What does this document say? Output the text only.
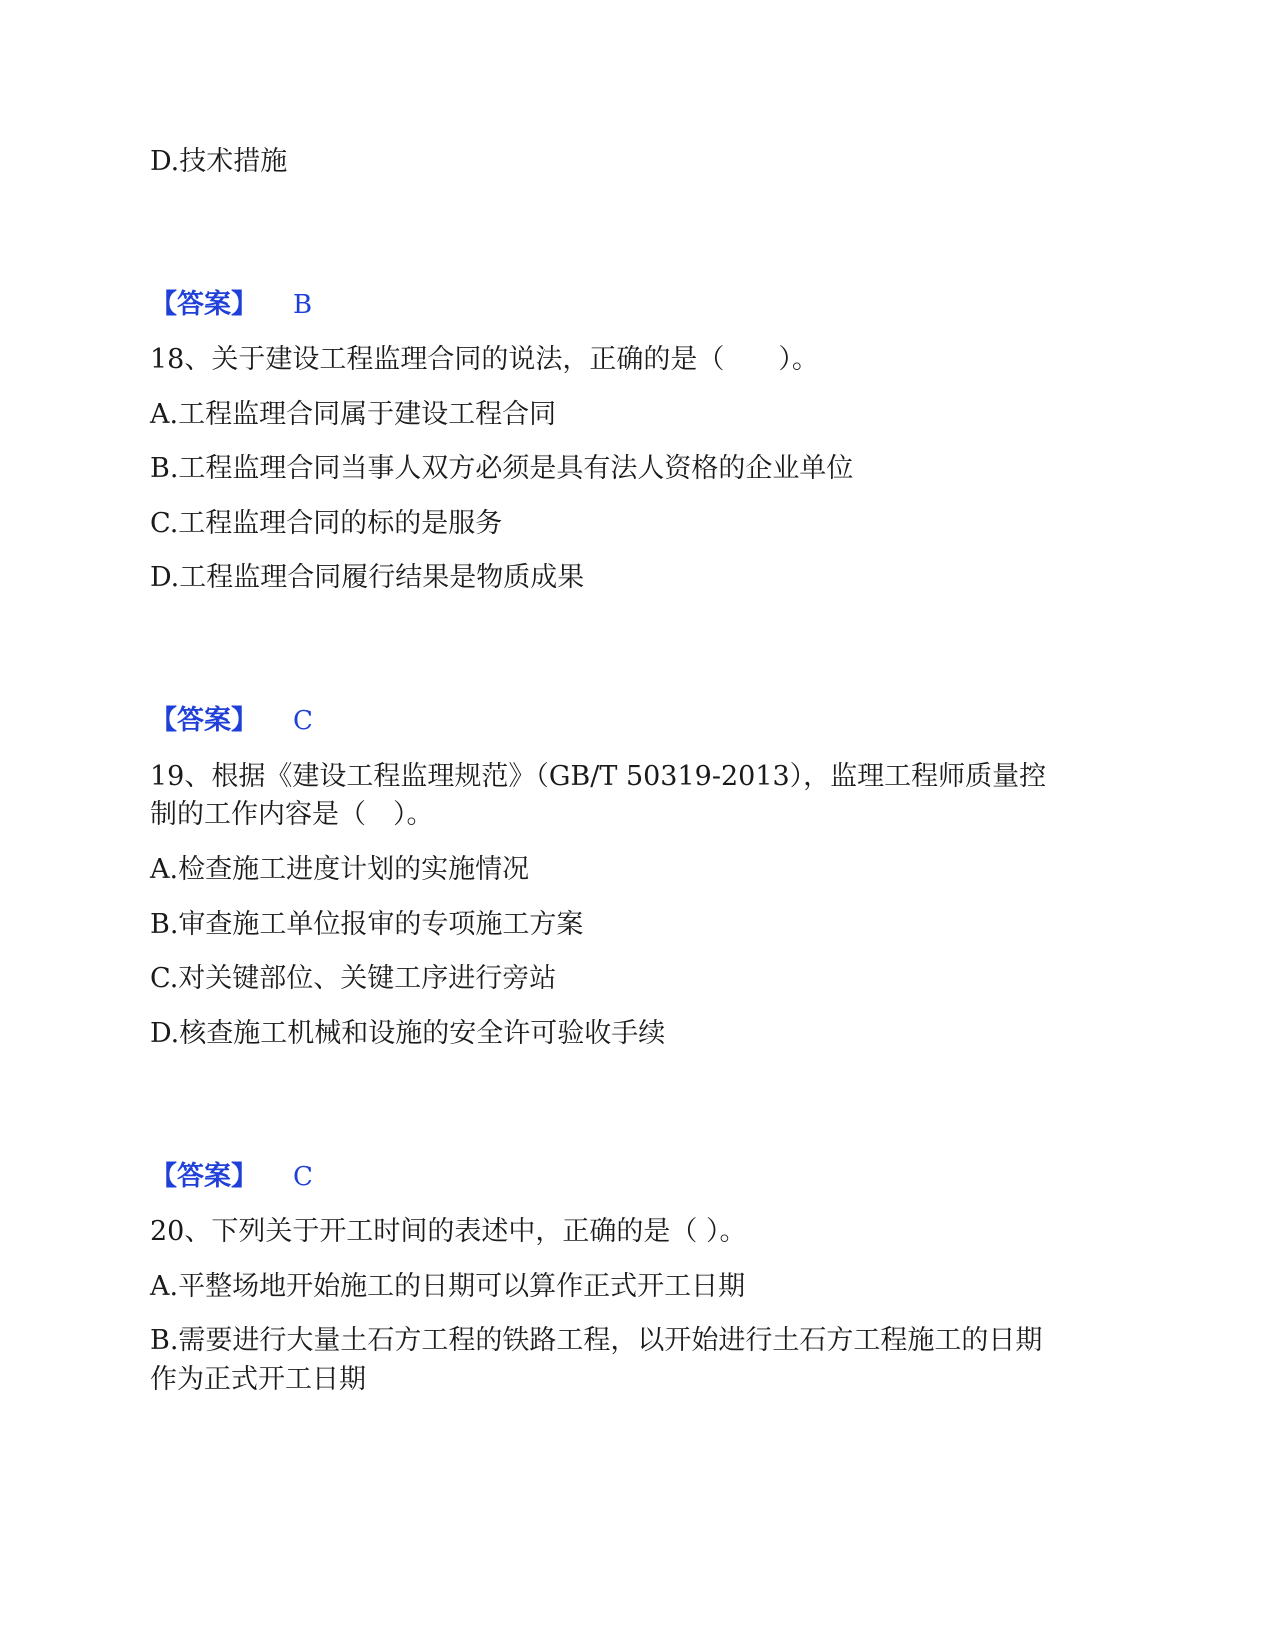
D.技术措施
【答案】 B
18、关于建设工程监理合同的说法，正确的是（　　）。
A.工程监理合同属于建设工程合同
B.工程监理合同当事人双方必须是具有法人资格的企业单位
C.工程监理合同的标的是服务
D.工程监理合同履行结果是物质成果
【答案】 C
19、根据《建设工程监理规范》（GB/T 50319-2013），监理工程师质量控
制的工作内容是（　）。
A.检查施工进度计划的实施情况
B.审查施工单位报审的专项施工方案
C.对关键部位、关键工序进行旁站
D.核查施工机械和设施的安全许可验收手续
【答案】 C
20、下列关于开工时间的表述中，正确的是（ ）。
A.平整场地开始施工的日期可以算作正式开工日期
B.需要进行大量土石方工程的铁路工程，以开始进行土石方工程施工的日期
作为正式开工日期
